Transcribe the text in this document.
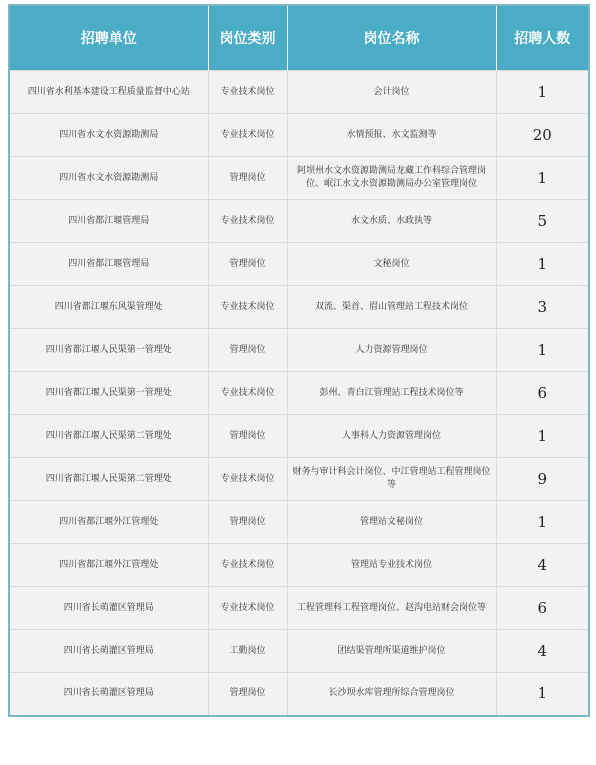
招聘单位	岗位类别	岗位名称	招聘人数
四川省水利基本建设工程质量监督中心站	专业技术岗位	会计岗位	1
四川省水文水资源勘测局	专业技术岗位	水情预报、水文监测等	20
四川省水文水资源勘测局	管理岗位	阿坝州水文水资源勘测局龙藏工作科综合管理岗位、岷江水文水资源勘测局办公室管理岗位	1
四川省都江堰管理局	专业技术岗位	水文水质、水政执等	5
四川省都江堰管理局	管理岗位	文秘岗位	1
四川省都江堰东风渠管理处	专业技术岗位	双流、渠首、眉山管理站工程技术岗位	3
四川省都江堰人民渠第一管理处	管理岗位	人力资源管理岗位	1
四川省都江堰人民渠第一管理处	专业技术岗位	彭州、青白江管理站工程技术岗位等	6
四川省都江堰人民渠第二管理处	管理岗位	人事科人力资源管理岗位	1
四川省都江堰人民渠第二管理处	专业技术岗位	财务与审计科会计岗位、中江管理站工程管理岗位等	9
四川省都江堰外江管理处	管理岗位	管理站文秘岗位	1
四川省都江堰外江管理处	专业技术岗位	管理站专业技术岗位	4
四川省长萌灌区管理局	专业技术岗位	工程管理科工程管理岗位、赵沟电站财会岗位等	6
四川省长萌灌区管理局	工勤岗位	团结渠管理所渠道维护岗位	4
四川省长萌灌区管理局	管理岗位	长沙坝水库管理所综合管理岗位	1
